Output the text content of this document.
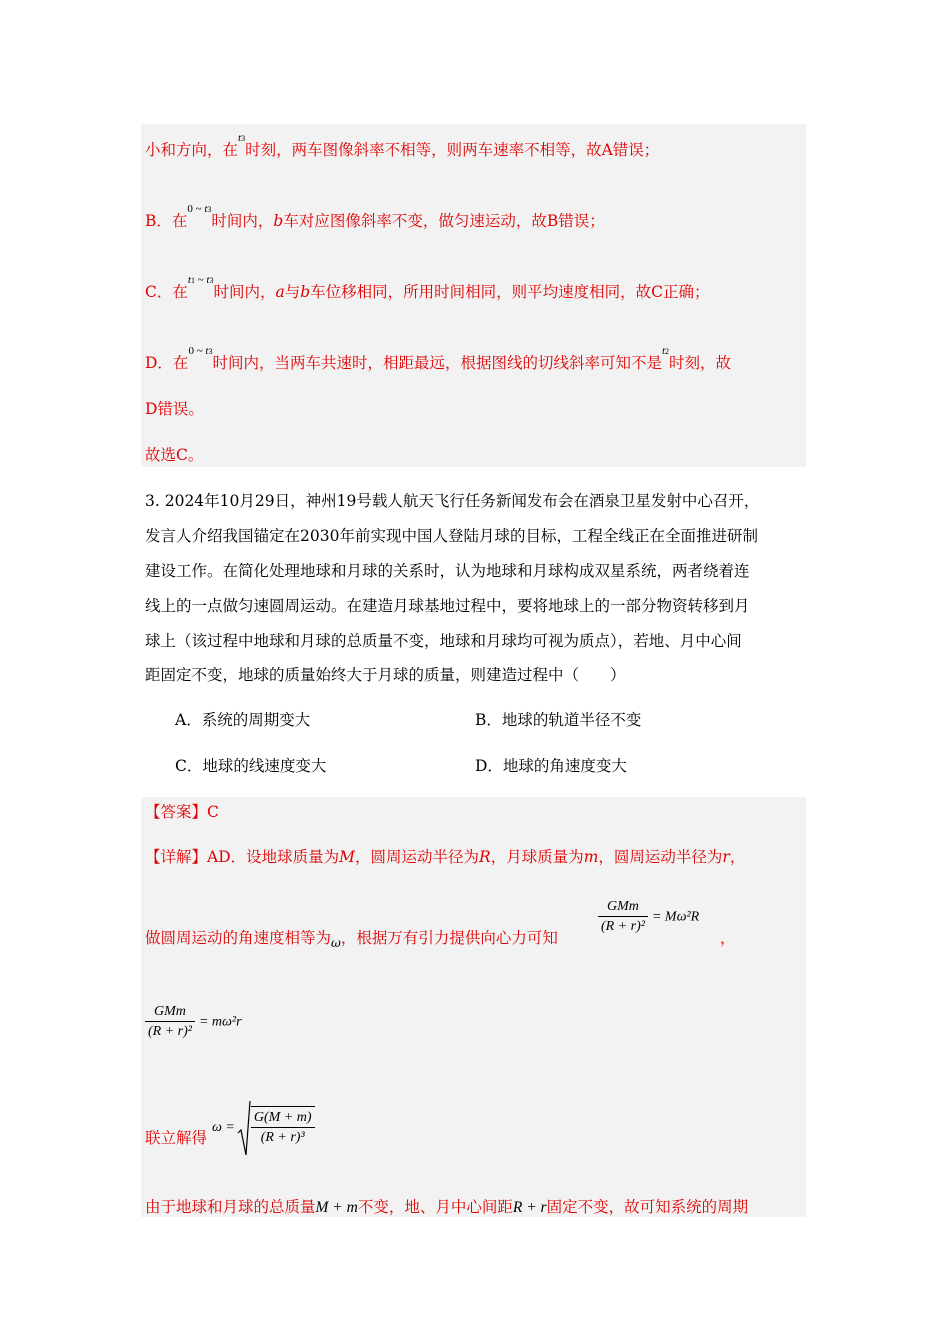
小和方向，在$^{t3}$时刻，两车图像斜率不相等，则两车速率不相等，故A错误；
B．在$^{0 \sim t3}$时间内，b车对应图像斜率不变，做匀速运动，故B错误；
C．在$^{t1 \sim t3}$时间内，a与b车位移相同，所用时间相同，则平均速度相同，故C正确；
D．在$^{0 \sim t3}$时间内，当两车共速时，相距最远，根据图线的切线斜率可知不是$^{t2}$时刻，故
D错误。
故选C。
3. 2024年10月29日，神州19号载人航天飞行任务新闻发布会在酒泉卫星发射中心召开，
发言人介绍我国锚定在2030年前实现中国人登陆月球的目标，工程全线正在全面推进研制
建设工作。在简化处理地球和月球的关系时，认为地球和月球构成双星系统，两者绕着连
线上的一点做匀速圆周运动。在建造月球基地过程中，要将地球上的一部分物资转移到月
球上（该过程中地球和月球的总质量不变，地球和月球均可视为质点），若地、月中心间
距固定不变，地球的质量始终大于月球的质量，则建造过程中（　　）
A．系统的周期变大	B．地球的轨道半径不变
C．地球的线速度变大	D．地球的角速度变大
【答案】C
【详解】AD．设地球质量为M，圆周运动半径为R，月球质量为m，圆周运动半径为r，
做圆周运动的角速度相等为$_\omega$，根据万有引力提供向心力可知
$\frac{\text{GMm}}{\text{(R + r)²}} = M\omega^2R$
，
$\frac{\text{GMm}}{\text{(R + r)²}} = m\omega^2r$
联立解得
$\omega = \frac{G(M + m)}{\text{(R + r)³}}$
由于地球和月球的总质量M + m不变，地、月中心间距R + r固定不变，故可知系统的周期
